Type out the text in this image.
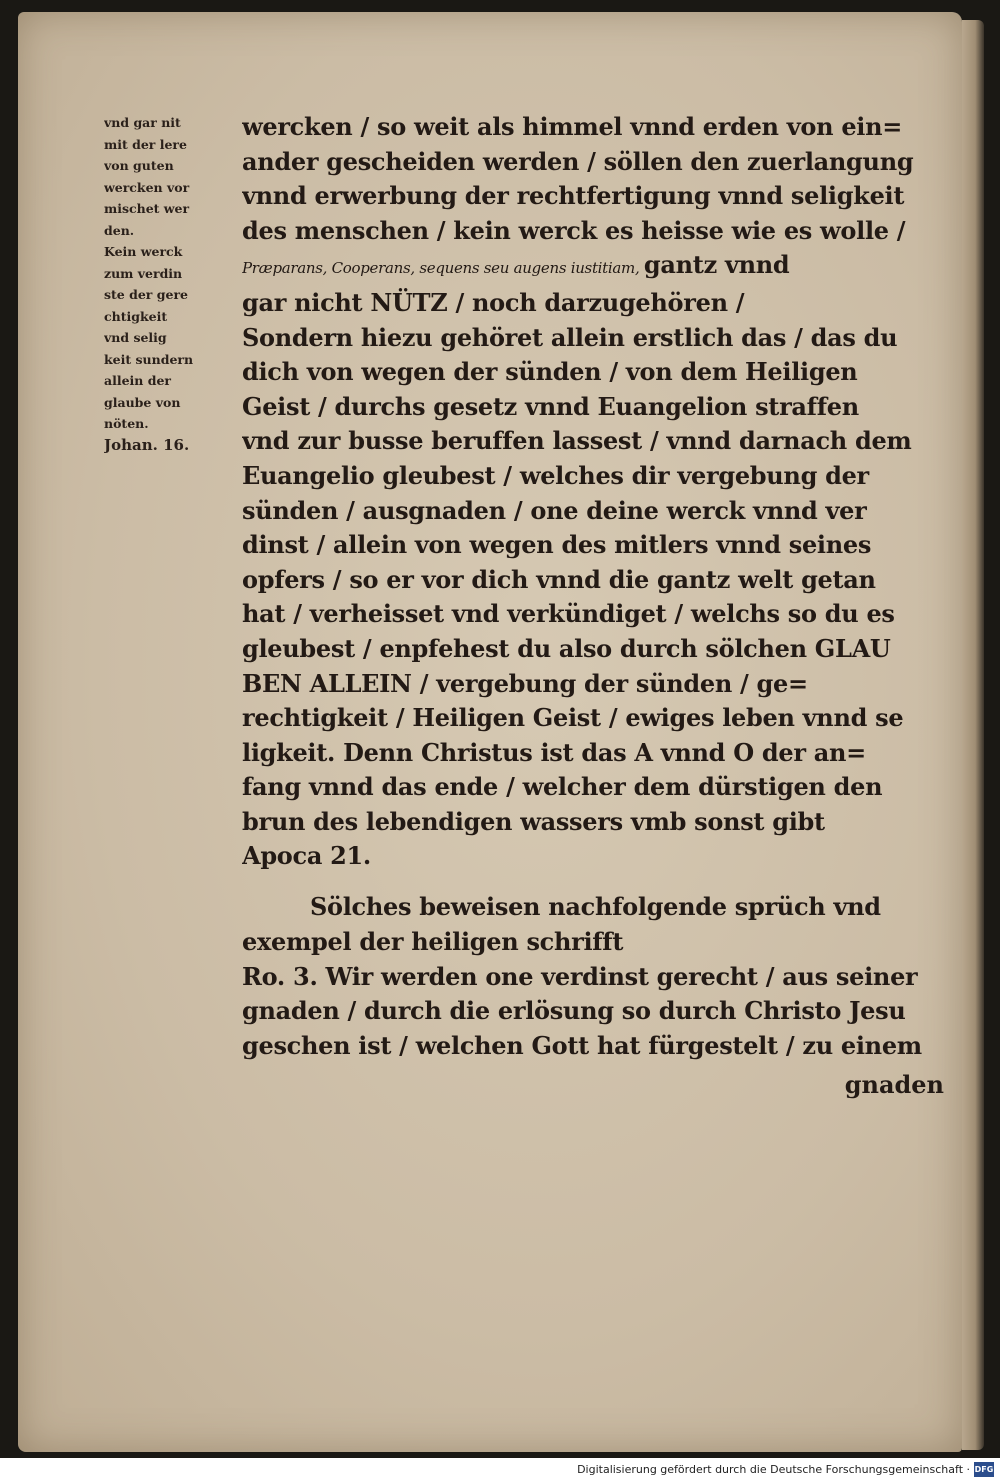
vnd gar nit
mit der lere
von guten
wercken vor
mischet wer
den.
Kein werck
zum verdin
ste der gere
chtigkeit
vnd selig
keit sundern
allein der
glaube von
nöten.
Johan. 16.
wercken / so weit als himmel vnnd erden von ein=
ander gescheiden werden / söllen den zuerlangung
vnnd erwerbung der rechtfertigung vnnd seligkeit
des menschen / kein werck es heisse wie es wolle /
Præparans, Cooperans, sequens seu augens iustitiam, gantz vnnd
gar nicht NÜTZ / noch darzugehören /
Sondern hiezu gehöret allein erstlich das / das du
dich von wegen der sünden / von dem Heiligen
Geist / durchs gesetz vnnd Euangelion straffen
vnd zur busse beruffen lassest / vnnd darnach dem
Euangelio gleubest / welches dir vergebung der
sünden / ausgnaden / one deine werck vnnd ver
dinst / allein von wegen des mitlers vnnd seines
opfers / so er vor dich vnnd die gantz welt getan
hat / verheisset vnd verkündiget / welchs so du es
gleubest / enpfehest du also durch sölchen GLAU
BEN ALLEIN / vergebung der sünden / ge=
rechtigkeit / Heiligen Geist / ewiges leben vnnd se
ligkeit. Denn Christus ist das A vnnd O der an=
fang vnnd das ende / welcher dem dürstigen den
brun des lebendigen wassers vmb sonst gibt
Apoca 21.
Sölches beweisen nachfolgende sprüch vnd
exempel der heiligen schrifft
Ro. 3. Wir werden one verdinst gerecht / aus seiner
gnaden / durch die erlösung so durch Christo Jesu
geschen ist / welchen Gott hat fürgestelt / zu einem
gnaden
Digitalisierung gefördert durch die Deutsche Forschungsgemeinschaft · DFG
